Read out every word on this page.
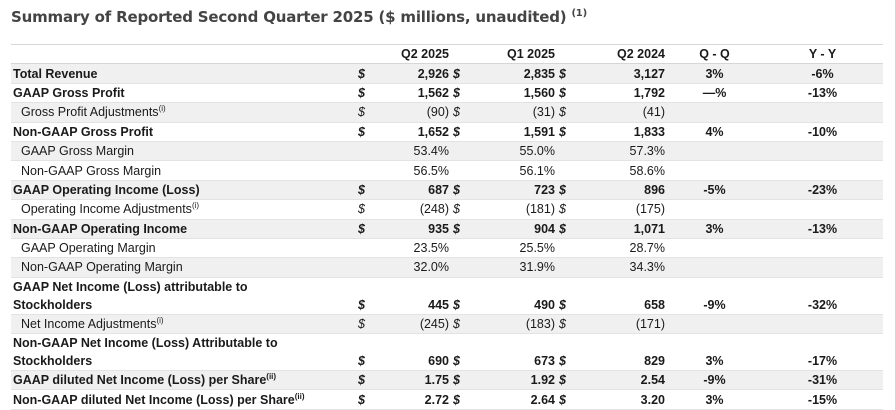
Summary of Reported Second Quarter 2025 ($ millions, unaudited) $^{(1)}$
		Q2 2025		Q1 2025		Q2 2024	Q - Q	Y - Y
Total Revenue	$	2,926	$	2,835	$	3,127	3%	-6%
GAAP Gross Profit	$	1,562	$	1,560	$	1,792	—%	-13%
Gross Profit Adjustments$^{(i)}$	$	(90)	$	(31)	$	(41)		
Non-GAAP Gross Profit	$	1,652	$	1,591	$	1,833	4%	-10%
GAAP Gross Margin		53.4%		55.0%		57.3%		
Non-GAAP Gross Margin		56.5%		56.1%		58.6%		
GAAP Operating Income (Loss)	$	687	$	723	$	896	-5%	-23%
Operating Income Adjustments$^{(i)}$	$	(248)	$	(181)	$	(175)		
Non-GAAP Operating Income	$	935	$	904	$	1,071	3%	-13%
GAAP Operating Margin		23.5%		25.5%		28.7%		
Non-GAAP Operating Margin		32.0%		31.9%		34.3%		
GAAP Net Income (Loss) attributable to
Stockholders	$	445	$	490	$	658	-9%	-32%
Net Income Adjustments$^{(i)}$	$	(245)	$	(183)	$	(171)		
Non-GAAP Net Income (Loss) Attributable to
Stockholders	$	690	$	673	$	829	3%	-17%
GAAP diluted Net Income (Loss) per Share$^{(ii)}$	$	1.75	$	1.92	$	2.54	-9%	-31%
Non-GAAP diluted Net Income (Loss) per Share$^{(ii)}$	$	2.72	$	2.64	$	3.20	3%	-15%
